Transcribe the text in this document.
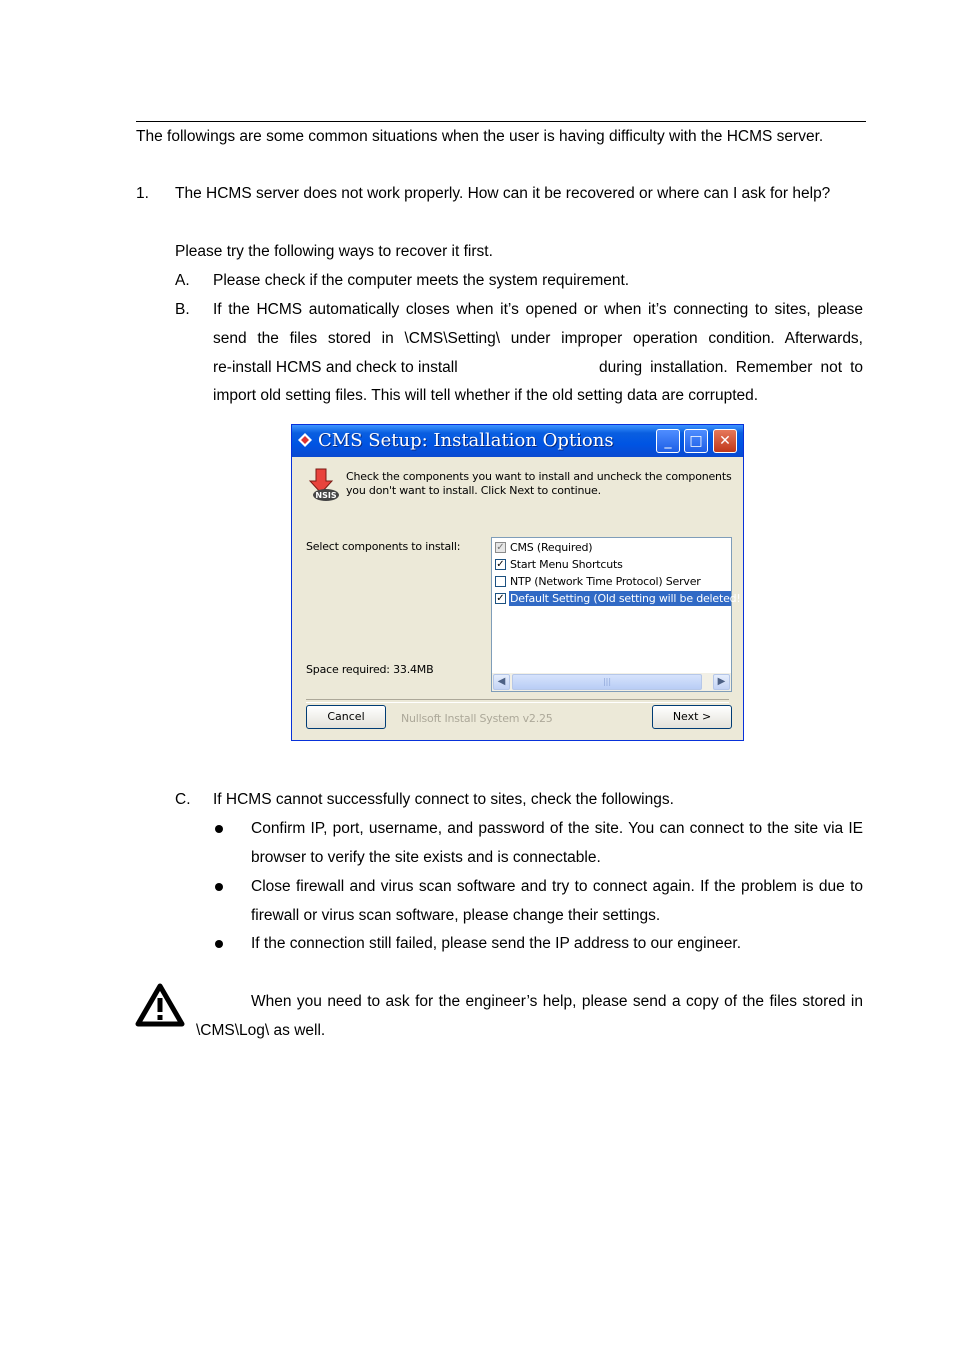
The followings are some common situations when the user is having difficulty with the HCMS server.
1. The HCMS server does not work properly. How can it be recovered or where can I ask for help?
Please try the following ways to recover it first.
A. Please check if the computer meets the system requirement.
B. If the HCMS automatically closes when it’s opened or when it’s connecting to sites, please
send the files stored in \CMS\Setting\ under improper operation condition. Afterwards,
re-install HCMS and check to install	during installation. Remember not to
import old setting files. This will tell whether if the old setting data are corrupted.
CMS Setup: Installation Options	_	□	✕
NSIS
Check the components you want to install and uncheck the components
you don't want to install. Click Next to continue.
Select components to install:
Space required: 33.4MB
✓ CMS (Required)
✓ Start Menu Shortcuts
NTP (Network Time Protocol) Server
✓ Default Setting (Old setting will be deleted!
◀	|||	▶
Cancel	Nullsoft Install System v2.25	Next >
C. If HCMS cannot successfully connect to sites, check the followings.
Confirm IP, port, username, and password of the site. You can connect to the site via IE
browser to verify the site exists and is connectable.
Close firewall and virus scan software and try to connect again. If the problem is due to
firewall or virus scan software, please change their settings.
If the connection still failed, please send the IP address to our engineer.
When you need to ask for the engineer’s help, please send a copy of the files stored in
\CMS\Log\ as well.
